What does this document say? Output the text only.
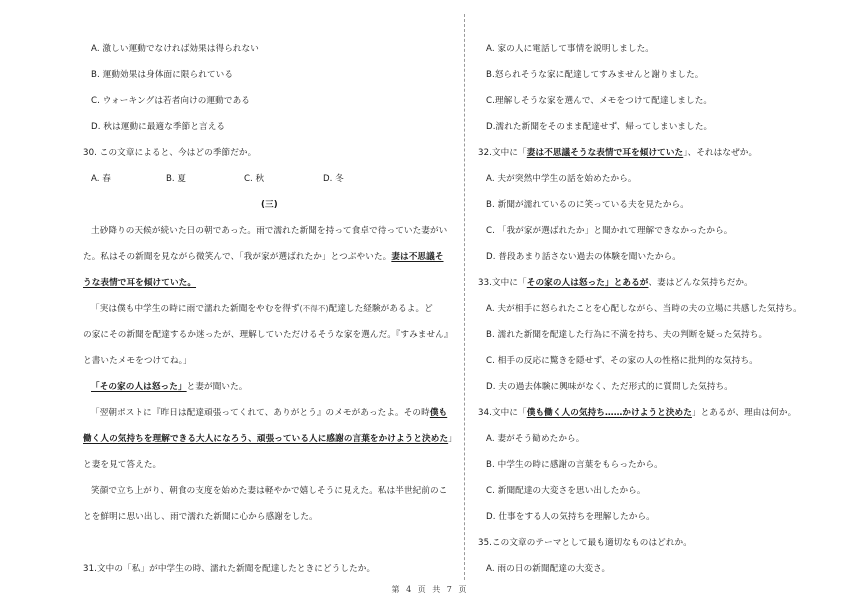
A. 激しい運動でなければ効果は得られない
B. 運動効果は身体面に限られている
C. ウォーキングは若者向けの運動である
D. 秋は運動に最適な季節と言える
30. この文章によると、今はどの季節だか。
A. 春	B. 夏	C. 秋	D. 冬
(三)
土砂降りの天候が続いた日の朝であった。雨で濡れた新聞を持って食卓で待っていた妻がい
た。私はその新聞を見ながら微笑んで、「我が家が選ばれたか」とつぶやいた。妻は不思議そ
うな表情で耳を傾けていた。
「実は僕も中学生の時に雨で濡れた新聞をやむを得ず(不得不)配達した経験があるよ。ど
の家にその新聞を配達するか迷ったが、理解していただけるそうな家を選んだ。『すみません』
と書いたメモをつけてね。」
「その家の人は怒った」と妻が聞いた。
「翌朝ポストに『昨日は配達頑張ってくれて、ありがとう』のメモがあったよ。その時僕も
働く人の気持ちを理解できる大人になろう、頑張っている人に感謝の言葉をかけようと決めた」
と妻を見て答えた。
笑顔で立ち上がり、朝食の支度を始めた妻は軽やかで嬉しそうに見えた。私は半世紀前のこ
とを鮮明に思い出し、雨で濡れた新聞に心から感謝をした。
31.文中の「私」が中学生の時、濡れた新聞を配達したときにどうしたか。
A. 家の人に電話して事情を説明しました。
B.怒られそうな家に配達してすみませんと謝りました。
C.理解しそうな家を選んで、メモをつけて配達しました。
D.濡れた新聞をそのまま配達せず、帰ってしまいました。
32.文中に「妻は不思議そうな表情で耳を傾けていた」、それはなぜか。
A. 夫が突然中学生の話を始めたから。
B. 新聞が濡れているのに笑っている夫を見たから。
C. 「我が家が選ばれたか」と聞かれて理解できなかったから。
D. 普段あまり話さない過去の体験を聞いたから。
33.文中に「その家の人は怒った」とあるが、妻はどんな気持ちだか。
A. 夫が相手に怒られたことを心配しながら、当時の夫の立場に共感した気持ち。
B. 濡れた新聞を配達した行為に不満を持ち、夫の判断を疑った気持ち。
C. 相手の反応に驚きを隠せず、その家の人の性格に批判的な気持ち。
D. 夫の過去体験に興味がなく、ただ形式的に質問した気持ち。
34.文中に「僕も働く人の気持ち……かけようと決めた」とあるが、理由は何か。
A. 妻がそう勧めたから。
B. 中学生の時に感謝の言葉をもらったから。
C. 新聞配達の大変さを思い出したから。
D. 仕事をする人の気持ちを理解したから。
35.この文章のテーマとして最も適切なものはどれか。
A. 雨の日の新聞配達の大変さ。
第 4 页 共 7 页
